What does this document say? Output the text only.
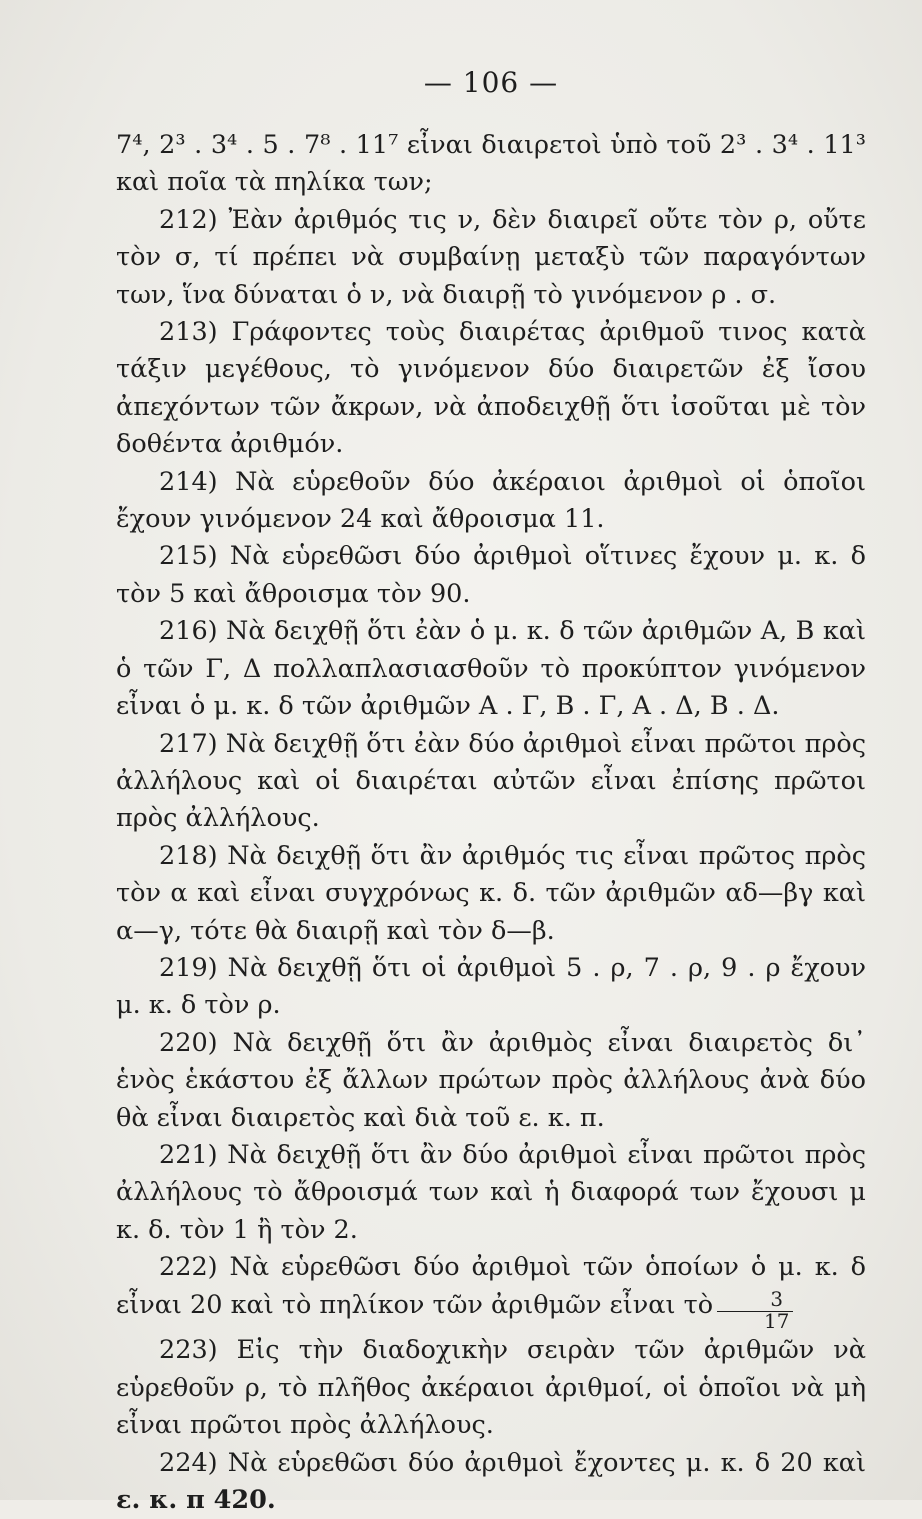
— 106 —

7⁴, 2³ . 3⁴ . 5 . 7⁸ . 11⁷ εἶναι διαιρετοὶ ὑπὸ τοῦ 2³ . 3⁴ . 11³ καὶ ποῖα τὰ πηλίκα των;

212) Ἐὰν ἀριθμός τις ν, δὲν διαιρεῖ οὔτε τὸν ρ, οὔτε τὸν σ, τί πρέπει νὰ συμβαίνῃ μεταξὺ τῶν παραγόντων των, ἵνα δύναται ὁ ν, νὰ διαιρῇ τὸ γινόμενον ρ . σ.

213) Γράφοντες τοὺς διαιρέτας ἀριθμοῦ τινος κατὰ τάξιν μεγέθους, τὸ γινόμενον δύο διαιρετῶν ἐξ ἴσου ἀπεχόντων τῶν ἄκρων, νὰ ἀποδειχθῇ ὅτι ἰσοῦται μὲ τὸν δοθέντα ἀριθμόν.

214) Νὰ εὑρεθοῦν δύο ἀκέραιοι ἀριθμοὶ οἱ ὁποῖοι ἔχουν γινόμενον 24 καὶ ἄθροισμα 11.

215) Νὰ εὑρεθῶσι δύο ἀριθμοὶ οἵτινες ἔχουν μ. κ. δ τὸν 5 καὶ ἄθροισμα τὸν 90.

216) Νὰ δειχθῇ ὅτι ἐὰν ὁ μ. κ. δ τῶν ἀριθμῶν Α, Β καὶ ὁ τῶν Γ, Δ πολλαπλασιασθοῦν τὸ προκύπτον γινόμενον εἶναι ὁ μ. κ. δ τῶν ἀριθμῶν Α . Γ, Β . Γ, Α . Δ, Β . Δ.

217) Νὰ δειχθῇ ὅτι ἐὰν δύο ἀριθμοὶ εἶναι πρῶτοι πρὸς ἀλλήλους καὶ οἱ διαιρέται αὐτῶν εἶναι ἐπίσης πρῶτοι πρὸς ἀλλήλους.

218) Νὰ δειχθῇ ὅτι ἂν ἀριθμός τις εἶναι πρῶτος πρὸς τὸν α καὶ εἶναι συγχρόνως κ. δ. τῶν ἀριθμῶν αδ—βγ καὶ α—γ, τότε θὰ διαιρῇ καὶ τὸν δ—β.

219) Νὰ δειχθῇ ὅτι οἱ ἀριθμοὶ 5 . ρ, 7 . ρ, 9 . ρ ἔχουν μ. κ. δ τὸν ρ.

220) Νὰ δειχθῇ ὅτι ἂν ἀριθμὸς εἶναι διαιρετὸς δι᾽ ἑνὸς ἑκάστου ἐξ ἄλλων πρώτων πρὸς ἀλλήλους ἀνὰ δύο θὰ εἶναι διαιρετὸς καὶ διὰ τοῦ ε. κ. π.

221) Νὰ δειχθῇ ὅτι ἂν δύο ἀριθμοὶ εἶναι πρῶτοι πρὸς ἀλλήλους τὸ ἄθροισμά των καὶ ἡ διαφορά των ἔχουσι μ κ. δ. τὸν 1 ἢ τὸν 2.

222) Νὰ εὑρεθῶσι δύο ἀριθμοὶ τῶν ὁποίων ὁ μ. κ. δ εἶναι 20 καὶ τὸ πηλίκον τῶν ἀριθμῶν εἶναι τὸ $\frac{3}{17}$

223) Εἰς τὴν διαδοχικὴν σειρὰν τῶν ἀριθμῶν νὰ εὑρεθοῦν ρ, τὸ πλῆθος ἀκέραιοι ἀριθμοί, οἱ ὁποῖοι νὰ μὴ εἶναι πρῶτοι πρὸς ἀλλήλους.

224) Νὰ εὑρεθῶσι δύο ἀριθμοὶ ἔχοντες μ. κ. δ 20 καὶ ε. κ. π 420.
